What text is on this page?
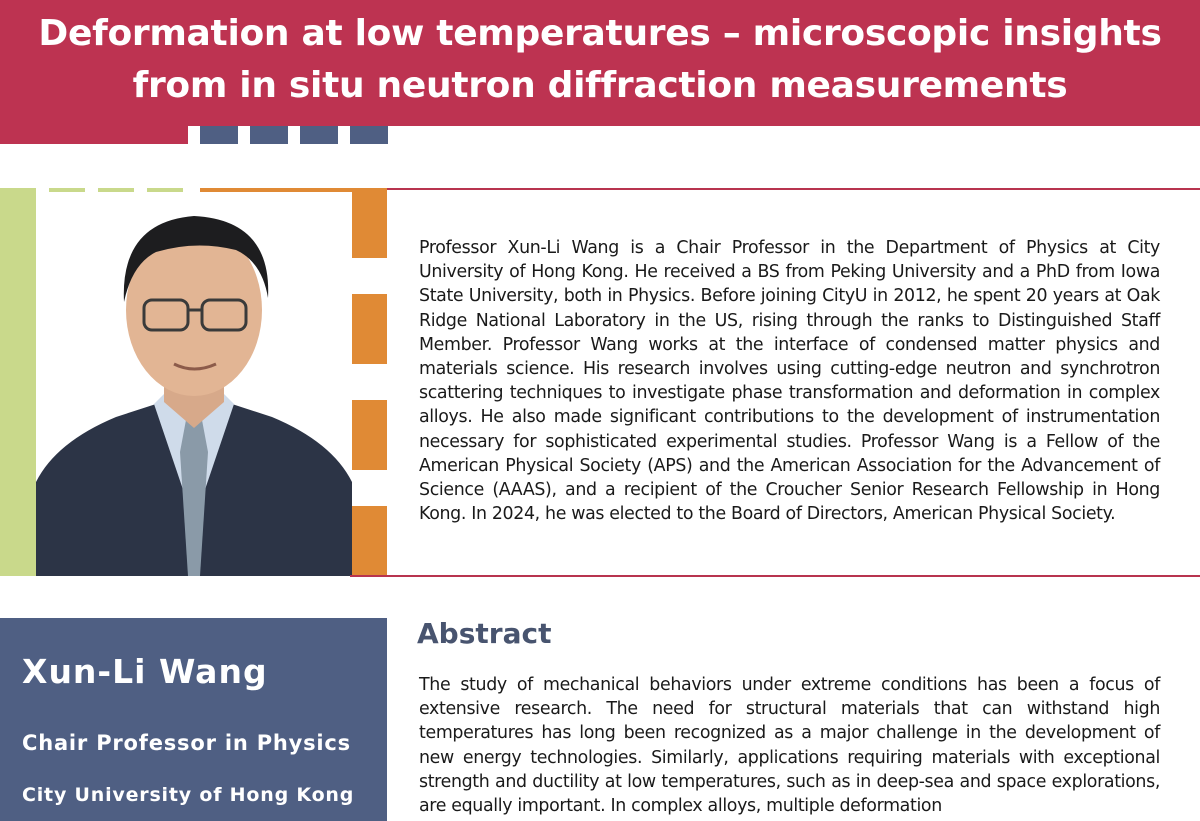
Deformation at low temperatures – microscopic insights
from in situ neutron diffraction measurements

Professor Xun-Li Wang is a Chair Professor in the Department of Physics at City University of Hong Kong. He received a BS from Peking University and a PhD from Iowa State University, both in Physics. Before joining CityU in 2012, he spent 20 years at Oak Ridge National Laboratory in the US, rising through the ranks to Distinguished Staff Member. Professor Wang works at the interface of condensed matter physics and materials science. His research involves using cutting-edge neutron and synchrotron scattering techniques to investigate phase transformation and deformation in complex alloys. He also made significant contributions to the development of instrumentation necessary for sophisticated experimental studies. Professor Wang is a Fellow of the American Physical Society (APS) and the American Association for the Advancement of Science (AAAS), and a recipient of the Croucher Senior Research Fellowship in Hong Kong. In 2024, he was elected to the Board of Directors, American Physical Society.

Xun-Li Wang

Chair Professor in Physics

City University of Hong Kong

Abstract

The study of mechanical behaviors under extreme conditions has been a focus of extensive research. The need for structural materials that can withstand high temperatures has long been recognized as a major challenge in the development of new energy technologies. Similarly, applications requiring materials with exceptional strength and ductility at low temperatures, such as in deep-sea and space explorations, are equally important. In complex alloys, multiple deformation
